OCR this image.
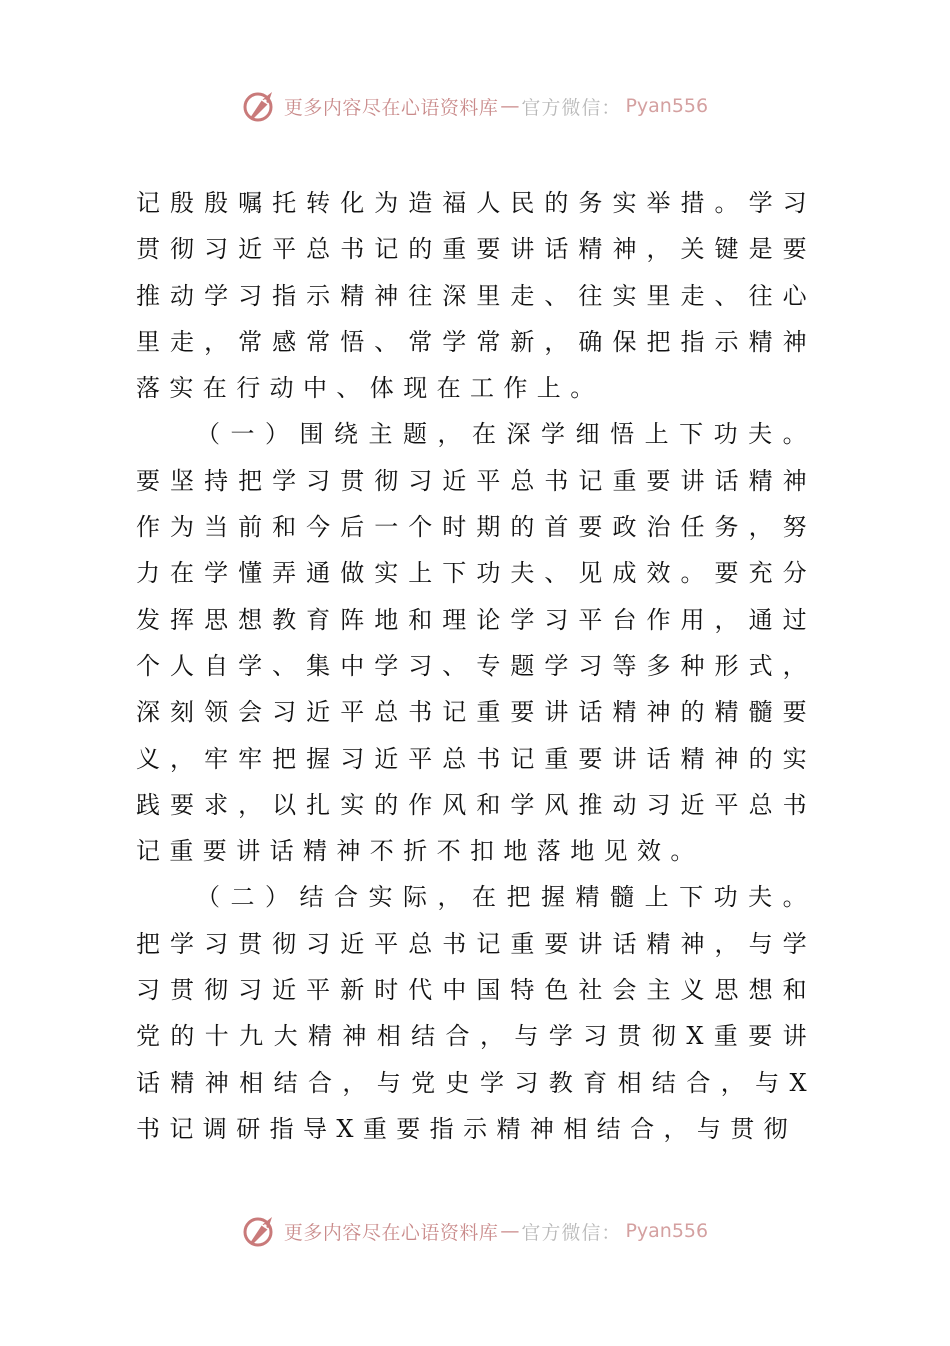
更多内容尽在心语资料库 — 官方微信： Pyan556

记殷殷嘱托转化为造福人民的务实举措。学习贯彻习近平总书记的重要讲话精神，关键是要推动学习指示精神往深里走、往实里走、往心里走，常感常悟、常学常新，确保把指示精神落实在行动中、体现在工作上。

（一）围绕主题，在深学细悟上下功夫。要坚持把学习贯彻习近平总书记重要讲话精神作为当前和今后一个时期的首要政治任务，努力在学懂弄通做实上下功夫、见成效。要充分发挥思想教育阵地和理论学习平台作用，通过个人自学、集中学习、专题学习等多种形式，深刻领会习近平总书记重要讲话精神的精髓要义，牢牢把握习近平总书记重要讲话精神的实践要求，以扎实的作风和学风推动习近平总书记重要讲话精神不折不扣地落地见效。

（二）结合实际，在把握精髓上下功夫。把学习贯彻习近平总书记重要讲话精神，与学习贯彻习近平新时代中国特色社会主义思想和党的十九大精神相结合，与学习贯彻X重要讲话精神相结合，与党史学习教育相结合，与X书记调研指导X重要指示精神相结合，与贯彻

更多内容尽在心语资料库 — 官方微信： Pyan556
